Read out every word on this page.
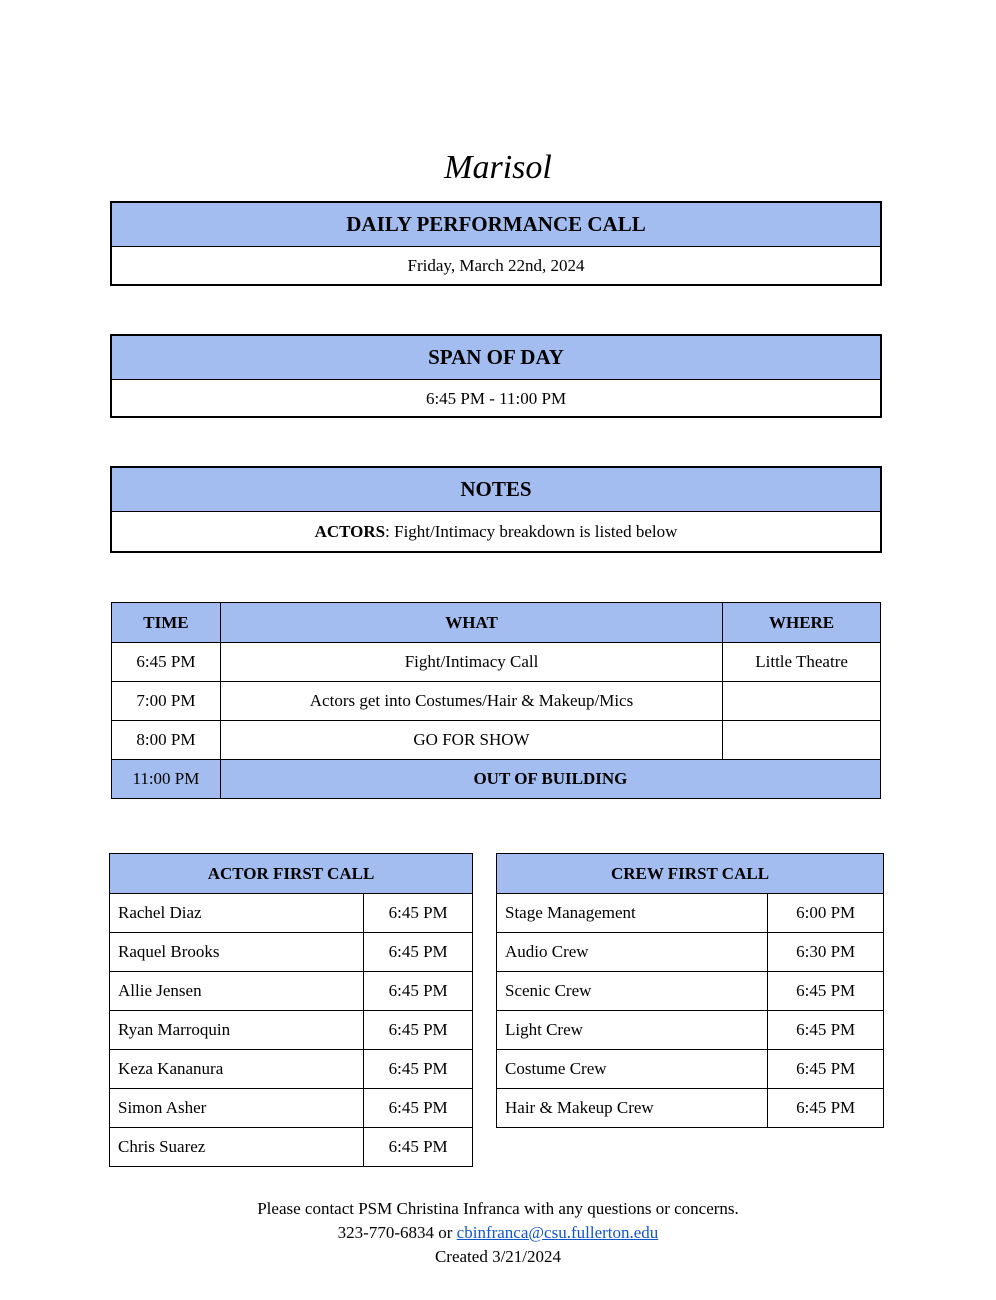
Marisol
DAILY PERFORMANCE CALL
Friday, March 22nd, 2024
SPAN OF DAY
6:45 PM - 11:00 PM
NOTES
ACTORS: Fight/Intimacy breakdown is listed below
TIME	WHAT	WHERE
6:45 PM	Fight/Intimacy Call	Little Theatre
7:00 PM	Actors get into Costumes/Hair & Makeup/Mics	
8:00 PM	GO FOR SHOW	
11:00 PM	OUT OF BUILDING	
ACTOR FIRST CALL	
Rachel Diaz	6:45 PM
Raquel Brooks	6:45 PM
Allie Jensen	6:45 PM
Ryan Marroquin	6:45 PM
Keza Kananura	6:45 PM
Simon Asher	6:45 PM
Chris Suarez	6:45 PM
CREW FIRST CALL	
Stage Management	6:00 PM
Audio Crew	6:30 PM
Scenic Crew	6:45 PM
Light Crew	6:45 PM
Costume Crew	6:45 PM
Hair & Makeup Crew	6:45 PM
Please contact PSM Christina Infranca with any questions or concerns.
323-770-6834 or cbinfranca@csu.fullerton.edu
Created 3/21/2024
